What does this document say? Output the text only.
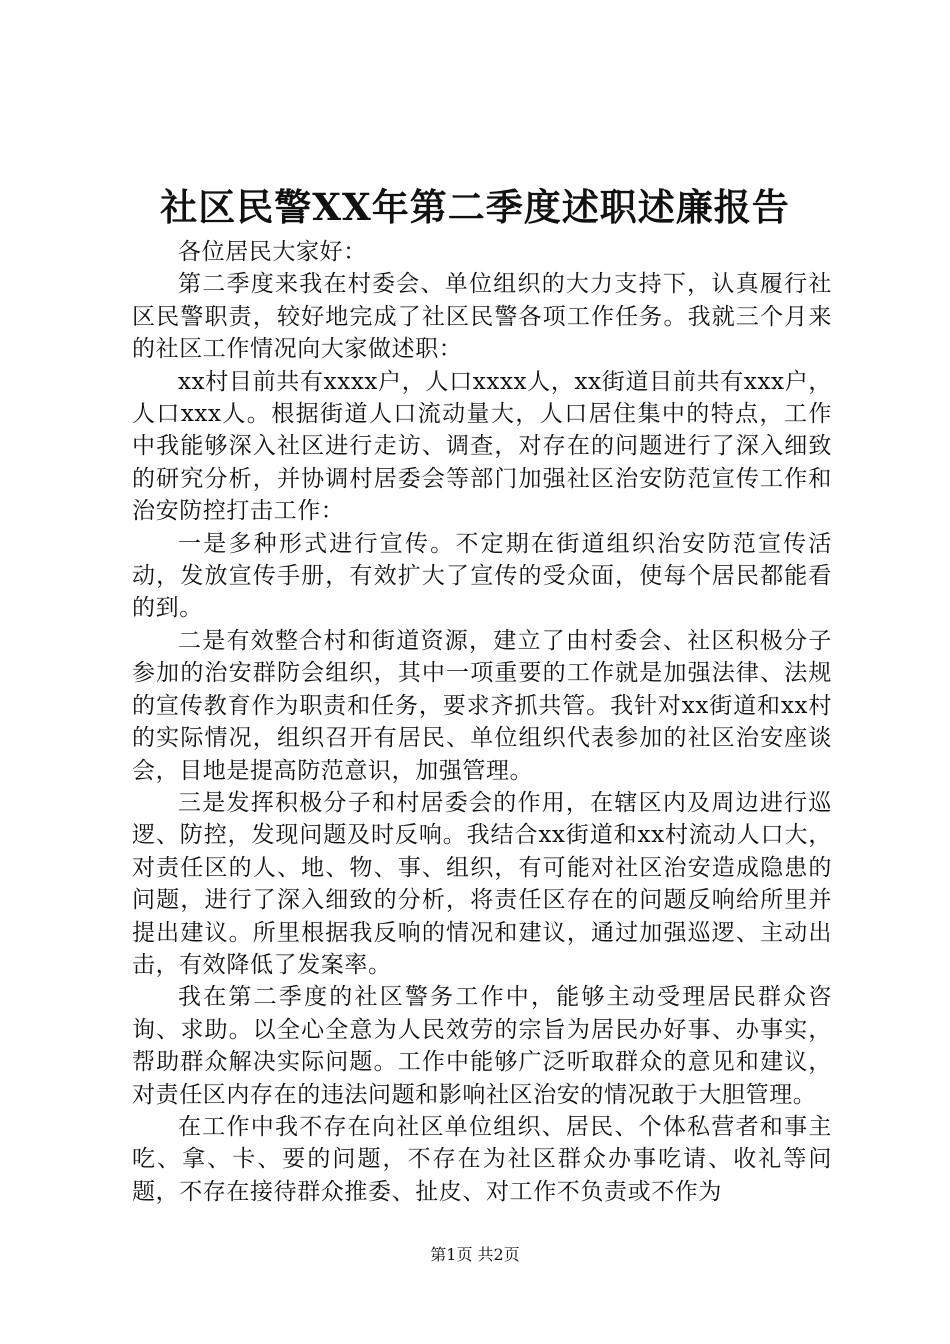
社区民警XX年第二季度述职述廉报告

各位居民大家好：

第二季度来我在村委会、单位组织的大力支持下，认真履行社区民警职责，较好地完成了社区民警各项工作任务。我就三个月来的社区工作情况向大家做述职：

xx村目前共有xxxx户，人口xxxx人，xx街道目前共有xxx户，人口xxx人。根据街道人口流动量大，人口居住集中的特点，工作中我能够深入社区进行走访、调查，对存在的问题进行了深入细致的研究分析，并协调村居委会等部门加强社区治安防范宣传工作和治安防控打击工作：

一是多种形式进行宣传。不定期在街道组织治安防范宣传活动，发放宣传手册，有效扩大了宣传的受众面，使每个居民都能看的到。

二是有效整合村和街道资源，建立了由村委会、社区积极分子参加的治安群防会组织，其中一项重要的工作就是加强法律、法规的宣传教育作为职责和任务，要求齐抓共管。我针对xx街道和xx村的实际情况，组织召开有居民、单位组织代表参加的社区治安座谈会，目地是提高防范意识，加强管理。

三是发挥积极分子和村居委会的作用，在辖区内及周边进行巡逻、防控，发现问题及时反响。我结合xx街道和xx村流动人口大，对责任区的人、地、物、事、组织，有可能对社区治安造成隐患的问题，进行了深入细致的分析，将责任区存在的问题反响给所里并提出建议。所里根据我反响的情况和建议，通过加强巡逻、主动出击，有效降低了发案率。

我在第二季度的社区警务工作中，能够主动受理居民群众咨询、求助。以全心全意为人民效劳的宗旨为居民办好事、办事实，帮助群众解决实际问题。工作中能够广泛听取群众的意见和建议，对责任区内存在的违法问题和影响社区治安的情况敢于大胆管理。

在工作中我不存在向社区单位组织、居民、个体私营者和事主吃、拿、卡、要的问题，不存在为社区群众办事吃请、收礼等问题，不存在接待群众推委、扯皮、对工作不负责或不作为

第1页 共2页
